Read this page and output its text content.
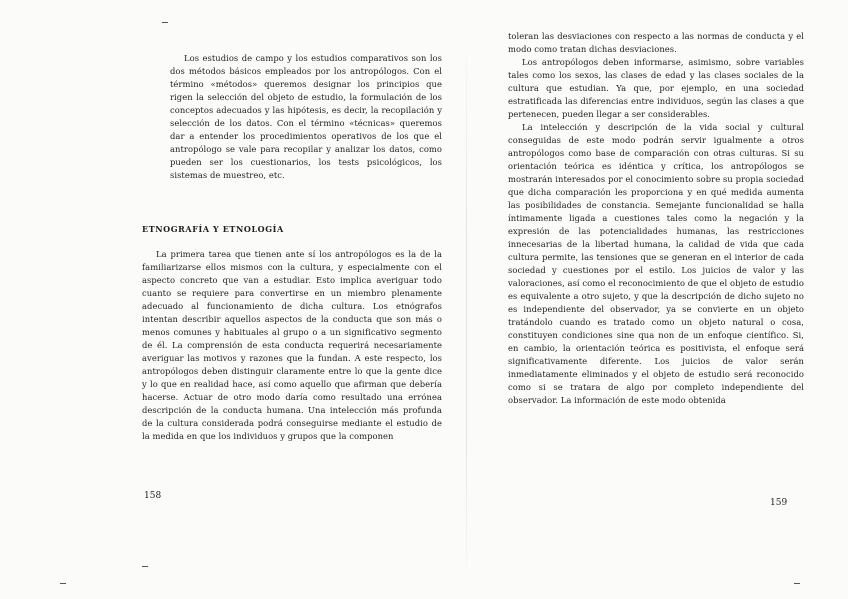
Los estudios de campo y los estudios comparativos son los dos métodos básicos empleados por los antropólogos. Con el término «métodos» queremos designar los principios que rigen la selección del objeto de estudio, la formulación de los conceptos adecuados y las hipótesis, es decir, la recopilación y selección de los datos. Con el término «técnicas» queremos dar a entender los procedimientos operativos de los que el antropólogo se vale para recopilar y analizar los datos, como pueden ser los cuestionarios, los tests psicológicos, los sistemas de muestreo, etc.

ETNOGRAFÍA Y ETNOLOGÍA

La primera tarea que tienen ante sí los antropólogos es la de la familiarizarse ellos mismos con la cultura, y especialmente con el aspecto concreto que van a estudiar. Esto implica averiguar todo cuanto se requiere para convertirse en un miembro plenamente adecuado al funcionamiento de dicha cultura. Los etnógrafos intentan describir aquellos aspectos de la conducta que son más o menos comunes y habituales al grupo o a un significativo segmento de él. La comprensión de esta conducta requerirá necesariamente averiguar las motivos y razones que la fundan. A este respecto, los antropólogos deben distinguir claramente entre lo que la gente dice y lo que en realidad hace, así como aquello que afirman que debería hacerse. Actuar de otro modo daría como resultado una errónea descripción de la conducta humana. Una intelección más profunda de la cultura considerada podrá conseguirse mediante el estudio de la medida en que los individuos y grupos que la componen

158

toleran las desviaciones con respecto a las normas de conducta y el modo como tratan dichas desviaciones.

Los antropólogos deben informarse, asimismo, sobre variables tales como los sexos, las clases de edad y las clases sociales de la cultura que estudian. Ya que, por ejemplo, en una sociedad estratificada las diferencias entre individuos, según las clases a que pertenecen, pueden llegar a ser considerables.

La intelección y descripción de la vida social y cultural conseguidas de este modo podrán servir igualmente a otros antropólogos como base de comparación con otras culturas. Si su orientación teórica es idéntica y crítica, los antropólogos se mostrarán interesados por el conocimiento sobre su propia sociedad que dicha comparación les proporciona y en qué medida aumenta las posibilidades de constancia. Semejante funcionalidad se halla íntimamente ligada a cuestiones tales como la negación y la expresión de las potencialidades humanas, las restricciones innecesarias de la libertad humana, la calidad de vida que cada cultura permite, las tensiones que se generan en el interior de cada sociedad y cuestiones por el estilo. Los juicios de valor y las valoraciones, así como el reconocimiento de que el objeto de estudio es equivalente a otro sujeto, y que la descripción de dicho sujeto no es independiente del observador, ya se convierte en un objeto tratándolo cuando es tratado como un objeto natural o cosa, constituyen condiciones sine qua non de un enfoque científico. Si, en cambio, la orientación teórica es positivista, el enfoque será significativamente diferente. Los juicios de valor serán inmediatamente eliminados y el objeto de estudio será reconocido como si se tratara de algo por completo independiente del observador. La información de este modo obtenida

159
